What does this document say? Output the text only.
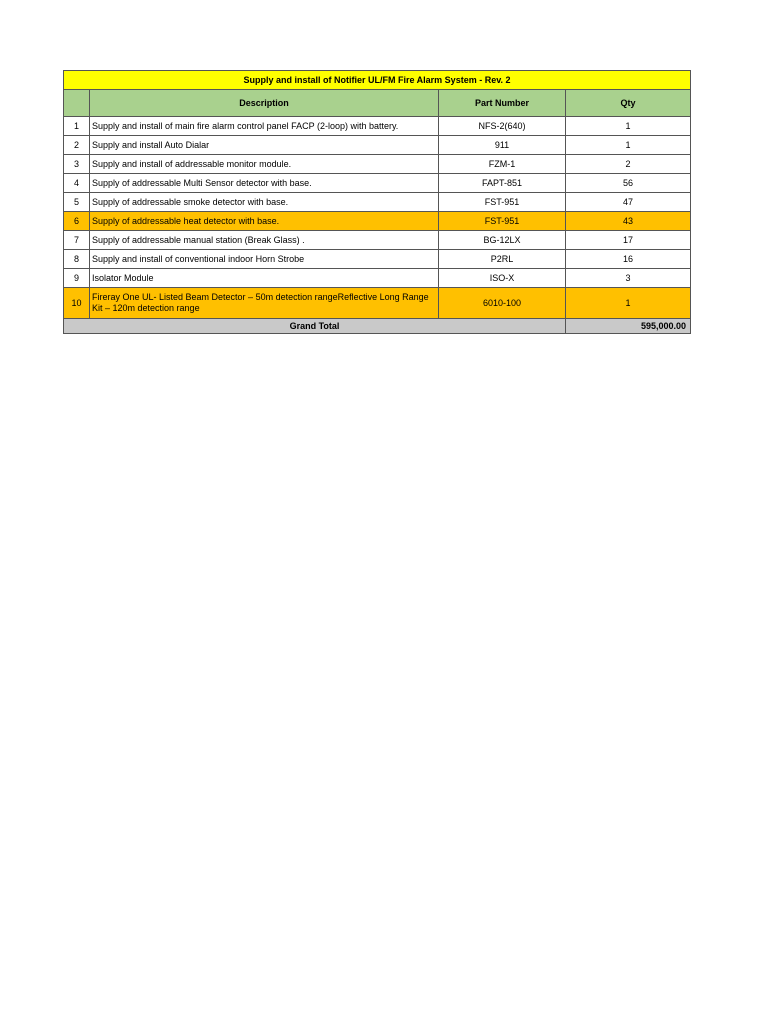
Supply and install of Notifier UL/FM Fire Alarm System - Rev. 2			
	Description	Part Number	Qty
1	Supply and install of main fire alarm control panel FACP (2-loop) with battery.	NFS-2(640)	1
2	Supply and install Auto Dialar	911	1
3	Supply and install of addressable monitor module.	FZM-1	2
4	Supply of addressable Multi Sensor detector with base.	FAPT-851	56
5	Supply of addressable smoke detector with base.	FST-951	47
6	Supply of addressable heat detector with base.	FST-951	43
7	Supply of addressable manual station (Break Glass) .	BG-12LX	17
8	Supply and install of conventional indoor Horn Strobe	P2RL	16
9	Isolator Module	ISO-X	3
10	Fireray One UL- Listed Beam Detector – 50m detection rangeReflective Long Range Kit – 120m detection range	6010-100	1
Grand Total			595,000.00
